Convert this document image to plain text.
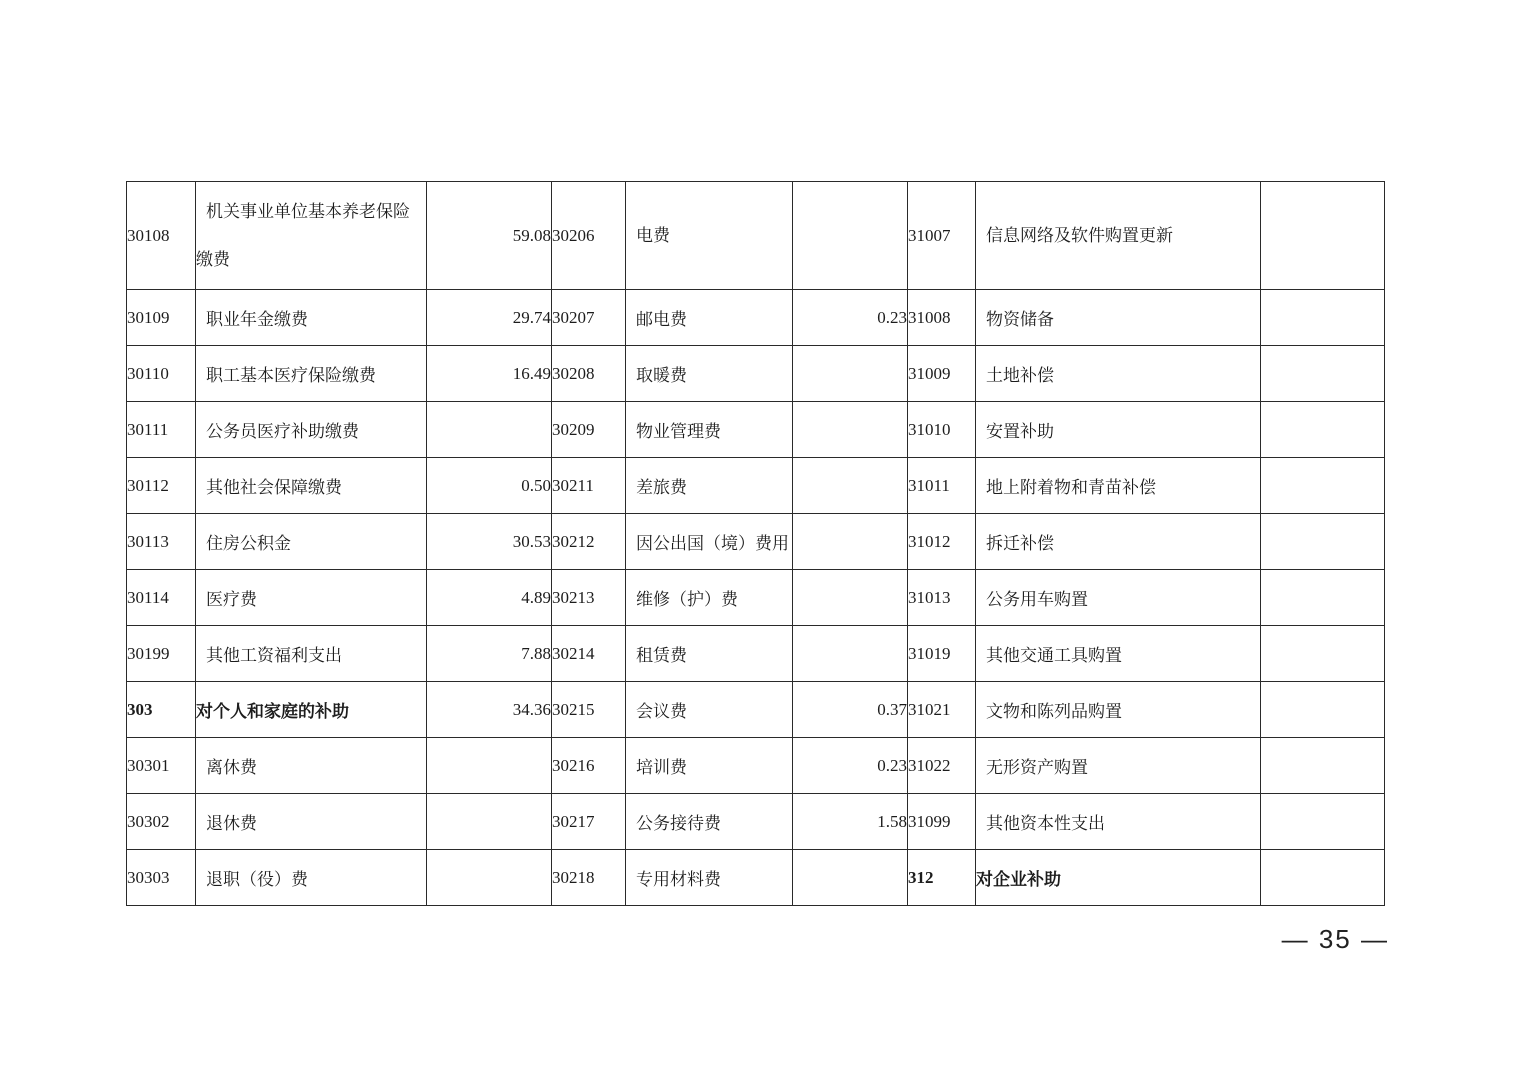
30108	机关事业单位基本养老保险缴费	59.08	30206	电费		31007	信息网络及软件购置更新	
30109	职业年金缴费	29.74	30207	邮电费	0.23	31008	物资储备	
30110	职工基本医疗保险缴费	16.49	30208	取暖费		31009	土地补偿	
30111	公务员医疗补助缴费		30209	物业管理费		31010	安置补助	
30112	其他社会保障缴费	0.50	30211	差旅费		31011	地上附着物和青苗补偿	
30113	住房公积金	30.53	30212	因公出国（境）费用		31012	拆迁补偿	
30114	医疗费	4.89	30213	维修（护）费		31013	公务用车购置	
30199	其他工资福利支出	7.88	30214	租赁费		31019	其他交通工具购置	
303	对个人和家庭的补助	34.36	30215	会议费	0.37	31021	文物和陈列品购置	
30301	离休费		30216	培训费	0.23	31022	无形资产购置	
30302	退休费		30217	公务接待费	1.58	31099	其他资本性支出	
30303	退职（役）费		30218	专用材料费		312	对企业补助	
— 35 —
